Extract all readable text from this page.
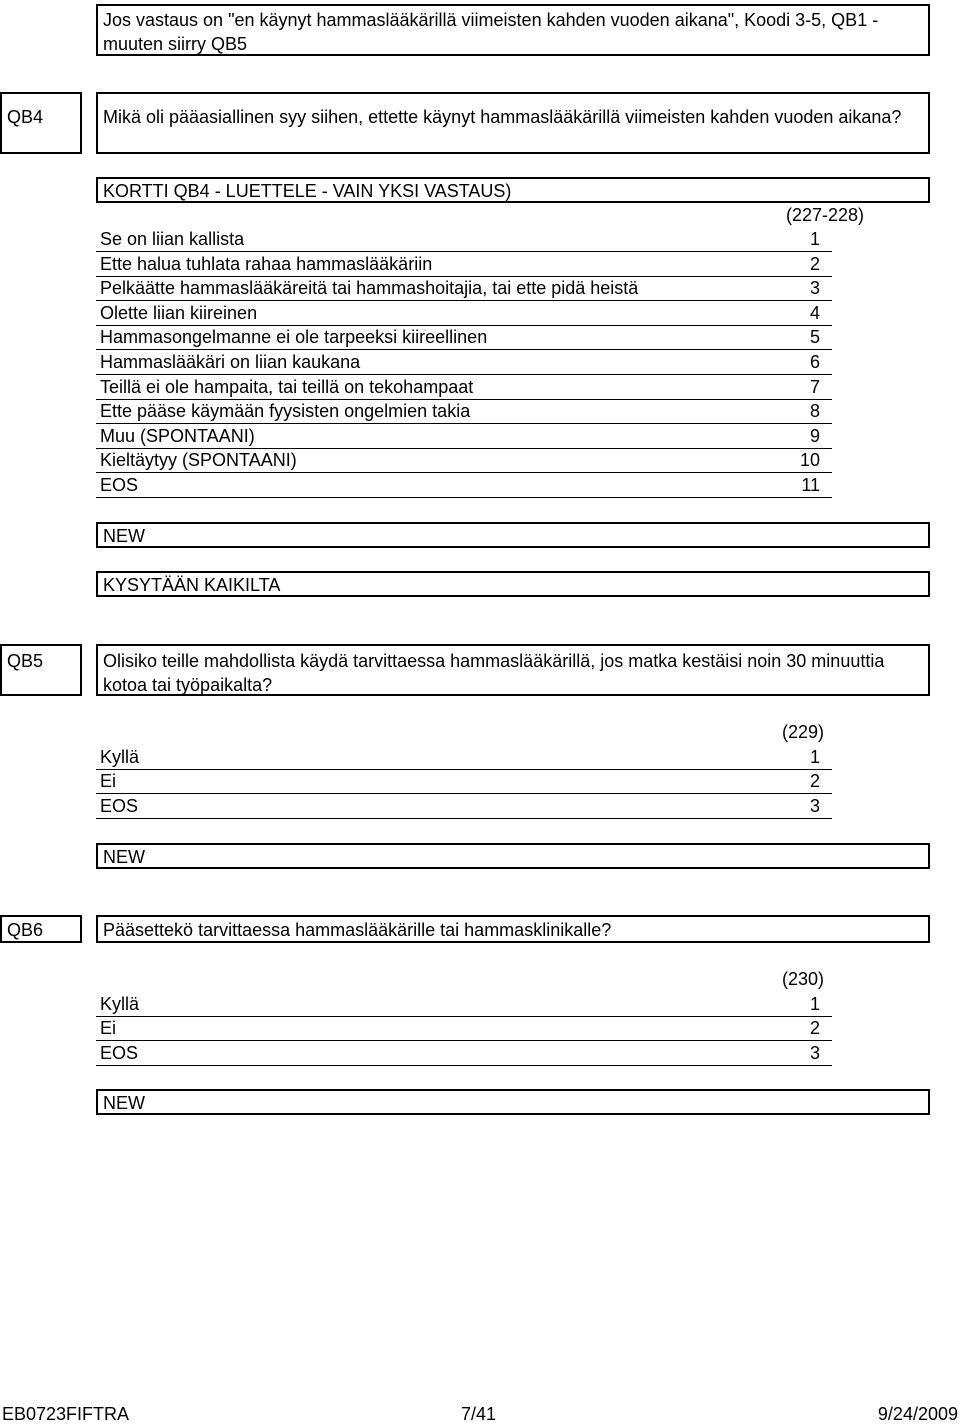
Jos vastaus on "en käynyt hammaslääkärillä viimeisten kahden vuoden aikana", Koodi 3-5, QB1 - muuten siirry QB5
QB4	Mikä oli pääasiallinen syy siihen, ettette käynyt hammaslääkärillä viimeisten kahden vuoden aikana?
KORTTI QB4 - LUETTELE - VAIN YKSI VASTAUS)
(227-228)
Se on liian kallista	1
Ette halua tuhlata rahaa hammaslääkäriin	2
Pelkäätte hammaslääkäreitä tai hammashoitajia, tai ette pidä heistä	3
Olette liian kiireinen	4
Hammasongelmanne ei ole tarpeeksi kiireellinen	5
Hammaslääkäri on liian kaukana	6
Teillä ei ole hampaita, tai teillä on tekohampaat	7
Ette pääse käymään fyysisten ongelmien takia	8
Muu (SPONTAANI)	9
Kieltäytyy (SPONTAANI)	10
EOS	11
NEW
KYSYTÄÄN KAIKILTA
QB5	Olisiko teille mahdollista käydä tarvittaessa hammaslääkärillä, jos matka kestäisi noin 30 minuuttia kotoa tai työpaikalta?
(229)
Kyllä	1
Ei	2
EOS	3
NEW
QB6	Pääsettekö tarvittaessa hammaslääkärille tai hammasklinikalle?
(230)
Kyllä	1
Ei	2
EOS	3
NEW
EB0723FIFTRA	7/41	9/24/2009
